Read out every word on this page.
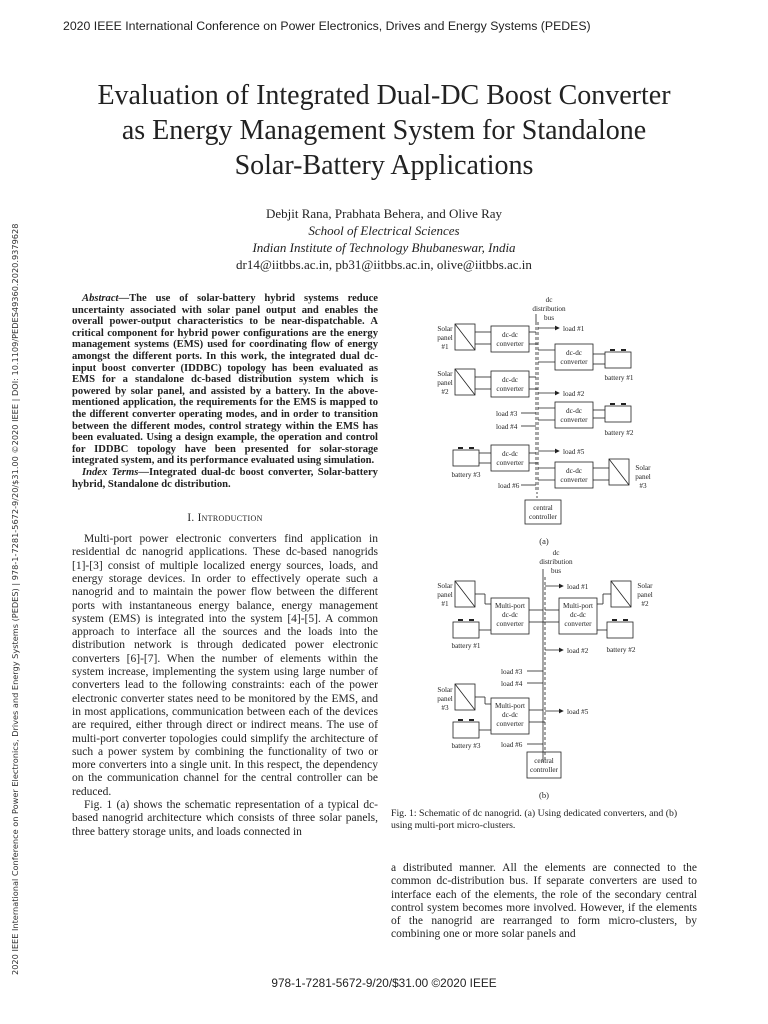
2020 IEEE International Conference on Power Electronics, Drives and Energy Systems (PEDES)
Evaluation of Integrated Dual-DC Boost Converter
as Energy Management System for Standalone
Solar-Battery Applications
Debjit Rana, Prabhata Behera, and Olive Ray
School of Electrical Sciences
Indian Institute of Technology Bhubaneswar, India
dr14@iitbbs.ac.in, pb31@iitbbs.ac.in, olive@iitbbs.ac.in
2020 IEEE International Conference on Power Electronics, Drives and Energy Systems (PEDES) | 978-1-7281-5672-9/20/$31.00 ©2020 IEEE | DOI: 10.1109/PEDES49360.2020.9379628	Abstract—The use of solar-battery hybrid systems reduce uncertainty associated with solar panel output and enables the overall power-output characteristics to be near-dispatchable. A critical component for hybrid power configurations are the energy management systems (EMS) used for coordinating flow of energy amongst the different ports. In this work, the integrated dual dc-input boost converter (IDDBC) topology has been evaluated as EMS for a standalone dc-based distribution system which is powered by solar panel, and assisted by a battery. In the above-mentioned application, the requirements for the EMS is mapped to the different converter operating modes, and in order to transition between the different modes, control strategy within the EMS has been evaluated. Using a design example, the operation and control for IDDBC topology have been presented for solar-storage integrated system, and its performance evaluated using simulation.

Index Terms—Integrated dual-dc boost converter, Solar-battery hybrid, Standalone dc distribution.

I. Introduction

Multi-port power electronic converters find application in residential dc nanogrid applications. These dc-based nanogrids [1]-[3] consist of multiple localized energy sources, loads, and energy storage devices. In order to effectively operate such a nanogrid and to maintain the power flow between the different ports with instantaneous energy balance, energy management system (EMS) is integrated into the system [4]-[5]. A common approach to interface all the sources and the loads into the distribution network is through dedicated power electronic converters [6]-[7]. When the number of elements within the system increase, implementing the system using large number of converters lead to the following constraints: each of the power electronic converter states need to be monitored by the EMS, and in most applications, communication between each of the devices are required, either through direct or indirect means. The use of multi-port converter topologies could simplify the architecture of such a power system by combining the functionality of two or more converters into a single unit. In this respect, the dependency on the communication channel for the central controller can be reduced.

Fig. 1 (a) shows the schematic representation of a typical dc-based nanogrid architecture which consists of three solar panels, three battery storage units, and loads connected in

dc
distribution
bus
Solar
panel
#1
dc-dc
converter
load #1
dc-dc
converter
battery #1
Solar
panel
#2
dc-dc
converter
load #2
load #3
load #4
dc-dc
converter
battery #2
battery #3
dc-dc
converter
load #5
dc-dc
converter
Solar
panel
#3
load #6
central
controller
(a)
dc
distribution
bus
Solar
panel
#1
battery #1
Multi-port
dc-dc
converter
load #1
Multi-port
dc-dc
converter
Solar
panel
#2
battery #2
load #2
load #3
load #4
Solar
panel
#3
battery #3
Multi-port
dc-dc
converter
load #5
load #6
central
controller
(b)
Fig. 1: Schematic of dc nanogrid. (a) Using dedicated converters, and (b) using multi-port micro-clusters.

a distributed manner. All the elements are connected to the common dc-distribution bus. If separate converters are used to interface each of the elements, the role of the secondary central control system becomes more involved. However, if the elements of the nanogrid are rearranged to form micro-clusters, by combining one or more solar panels and

978-1-7281-5672-9/20/$31.00 ©2020 IEEE
